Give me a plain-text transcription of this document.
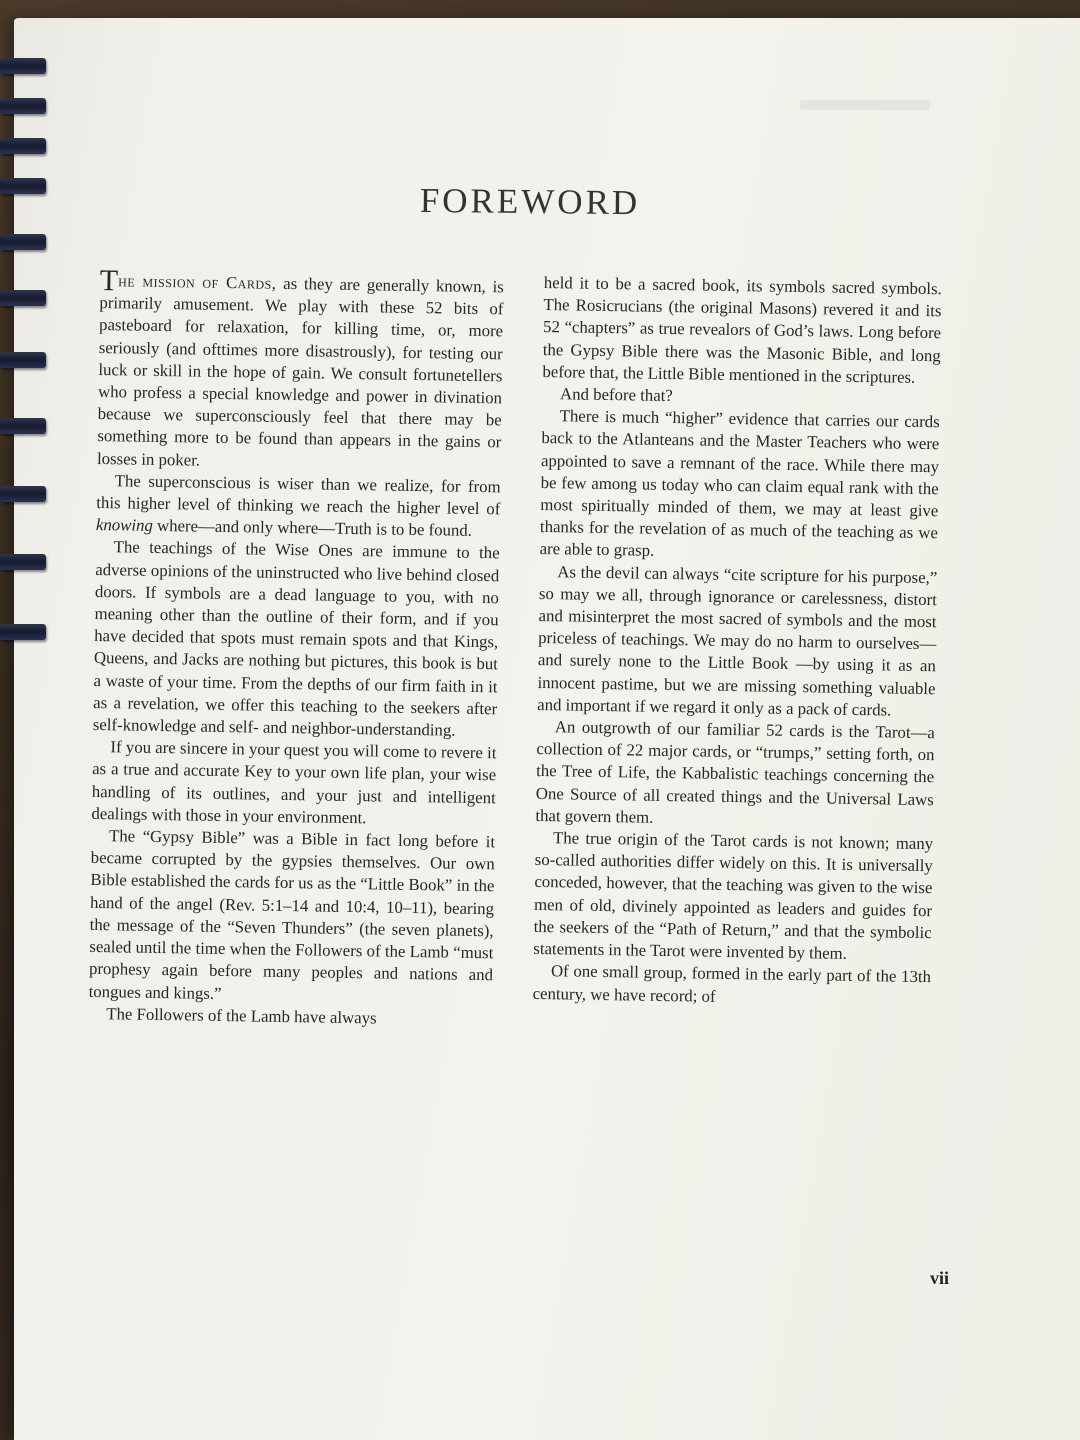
FOREWORD

The mission of Cards, as they are generally known, is primarily amusement. We play with these 52 bits of pasteboard for relaxation, for killing time, or, more seriously (and ofttimes more disastrously), for testing our luck or skill in the hope of gain. We consult fortunetellers who profess a special knowledge and power in divination because we superconsciously feel that there may be something more to be found than appears in the gains or losses in poker.

The superconscious is wiser than we realize, for from this higher level of thinking we reach the higher level of knowing where—and only where—Truth is to be found.

The teachings of the Wise Ones are immune to the adverse opinions of the uninstructed who live behind closed doors. If symbols are a dead language to you, with no meaning other than the outline of their form, and if you have decided that spots must remain spots and that Kings, Queens, and Jacks are nothing but pictures, this book is but a waste of your time. From the depths of our firm faith in it as a revelation, we offer this teaching to the seekers after self-knowledge and self- and neighbor-understanding.

If you are sincere in your quest you will come to revere it as a true and accurate Key to your own life plan, your wise handling of its outlines, and your just and intelligent dealings with those in your environment.

The “Gypsy Bible” was a Bible in fact long before it became corrupted by the gypsies themselves. Our own Bible established the cards for us as the “Little Book” in the hand of the angel (Rev. 5:1–14 and 10:4, 10–11), bearing the message of the “Seven Thunders” (the seven planets), sealed until the time when the Followers of the Lamb “must prophesy again before many peoples and nations and tongues and kings.”

The Followers of the Lamb have always

held it to be a sacred book, its symbols sacred symbols. The Rosicrucians (the original Masons) revered it and its 52 “chapters” as true revealors of God’s laws. Long before the Gypsy Bible there was the Masonic Bible, and long before that, the Little Bible mentioned in the scriptures.

And before that?

There is much “higher” evidence that carries our cards back to the Atlanteans and the Master Teachers who were appointed to save a remnant of the race. While there may be few among us today who can claim equal rank with the most spiritually minded of them, we may at least give thanks for the revelation of as much of the teaching as we are able to grasp.

As the devil can always “cite scripture for his purpose,” so may we all, through ignorance or carelessness, distort and misinterpret the most sacred of symbols and the most priceless of teachings. We may do no harm to ourselves—and surely none to the Little Book —by using it as an innocent pastime, but we are missing something valuable and important if we regard it only as a pack of cards.

An outgrowth of our familiar 52 cards is the Tarot—a collection of 22 major cards, or “trumps,” setting forth, on the Tree of Life, the Kabbalistic teachings concerning the One Source of all created things and the Universal Laws that govern them.

The true origin of the Tarot cards is not known; many so-called authorities differ widely on this. It is universally conceded, however, that the teaching was given to the wise men of old, divinely appointed as leaders and guides for the seekers of the “Path of Return,” and that the symbolic statements in the Tarot were invented by them.

Of one small group, formed in the early part of the 13th century, we have record; of

vii
